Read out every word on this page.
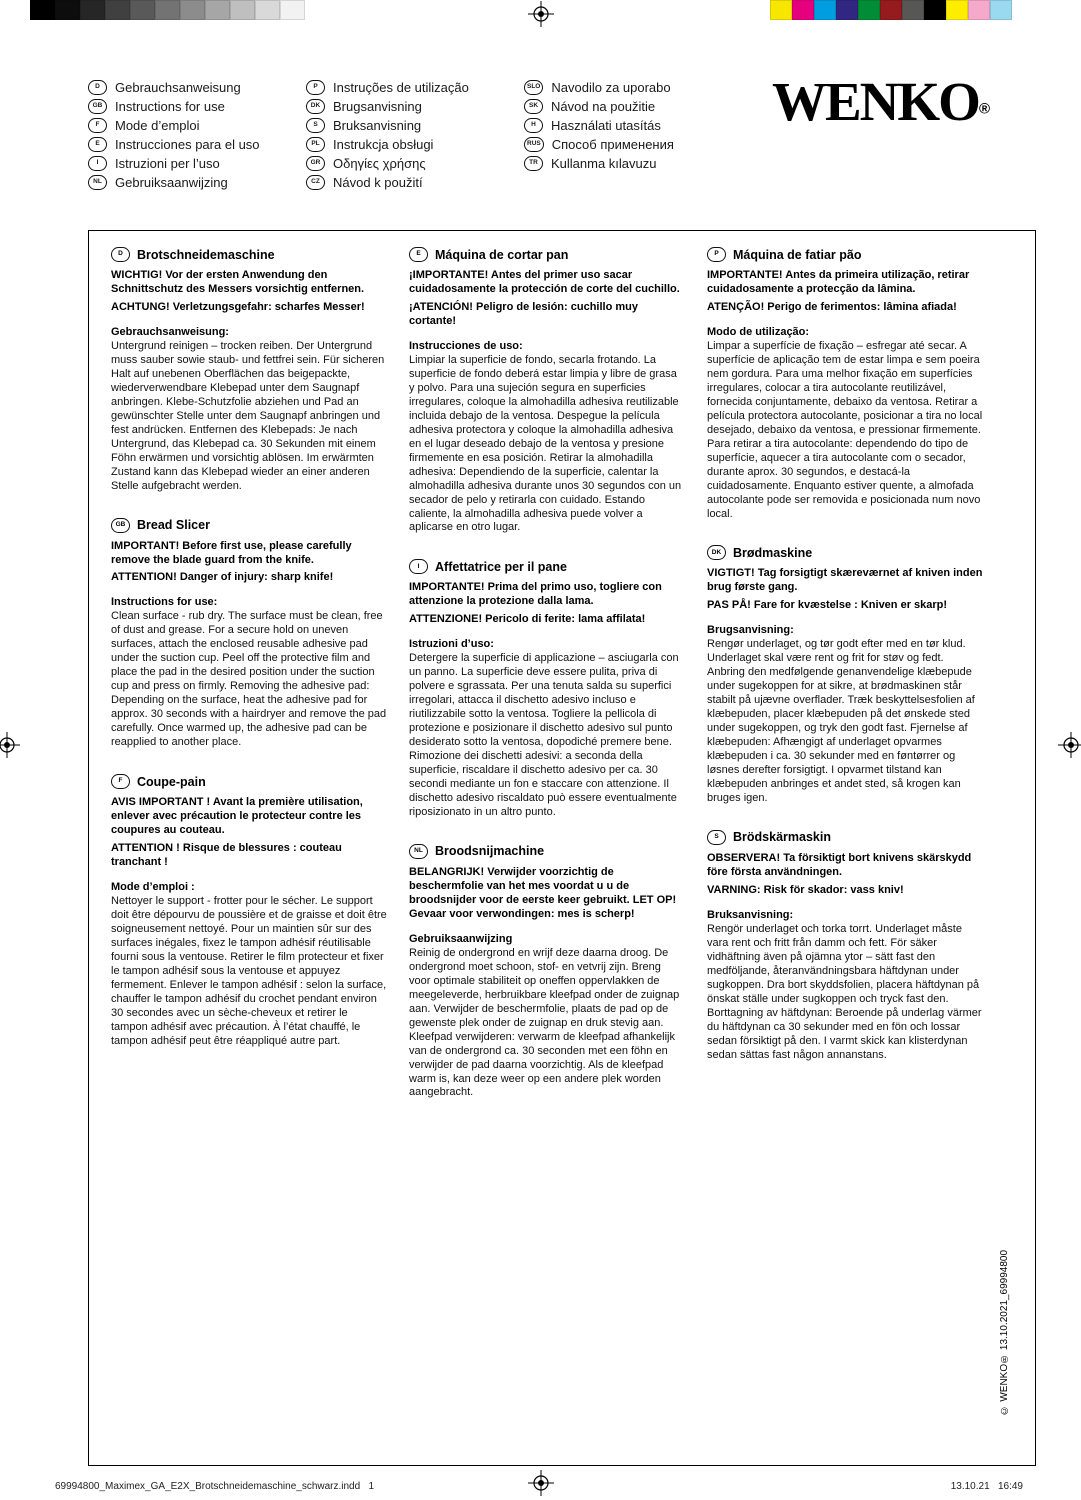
D	Gebrauchsanweisung
GB Instructions for use
F	Mode d’emploi
E	Instrucciones para el uso
I	Istruzioni per l’uso
NL	Gebruiksaanwijzing
P	Instruções de utilização
DK Brugsanvisning
S	Bruksanvisning
PL	Instrukcja obsługi
GR Οδηγίες χρήσης
CZ	Návod k použití
SLO Navodilo za uporabo
SK Návod na použitie
H	Használati utasítás
RUS Способ применения
TR	Kullanma kılavuzu
WENKO®
D	Brotschneidemaschine

WICHTIG! Vor der ersten Anwendung den Schnittschutz des Messers vorsichtig entfernen.

ACHTUNG! Verletzungsgefahr: scharfes Messer!

Gebrauchsanweisung:

Untergrund reinigen – trocken reiben. Der Untergrund muss sauber sowie staub- und fettfrei sein. Für sicheren Halt auf unebenen Oberflächen das beigepackte, wiederverwendbare Klebepad unter dem Saugnapf anbringen. Klebe-Schutzfolie abziehen und Pad an gewünschter Stelle unter dem Saugnapf anbringen und fest andrücken. Entfernen des Klebepads: Je nach Untergrund, das Klebepad ca. 30 Sekunden mit einem Föhn erwärmen und vorsichtig ablösen. Im erwärmten Zustand kann das Klebepad wieder an einer anderen Stelle aufgebracht werden.

GB Bread Slicer

IMPORTANT! Before first use, please carefully remove the blade guard from the knife.

ATTENTION! Danger of injury: sharp knife!

Instructions for use:

Clean surface - rub dry. The surface must be clean, free of dust and grease. For a secure hold on uneven surfaces, attach the enclosed reusable adhesive pad under the suction cup. Peel off the protective film and place the pad in the desired position under the suction cup and press on firmly. Removing the adhesive pad: Depending on the surface, heat the adhesive pad for approx. 30 seconds with a hairdryer and remove the pad carefully. Once warmed up, the adhesive pad can be reapplied to another place.

F	Coupe-pain

AVIS IMPORTANT ! Avant la première utilisation, enlever avec précaution le protecteur contre les coupures au couteau.

ATTENTION ! Risque de blessures : couteau tranchant !

Mode d’emploi :

Nettoyer le support - frotter pour le sécher. Le support doit être dépourvu de poussière et de graisse et doit être soigneusement nettoyé. Pour un maintien sûr sur des surfaces inégales, fixez le tampon adhésif réutilisable fourni sous la ventouse. Retirer le film protecteur et fixer le tampon adhésif sous la ventouse et appuyez fermement. Enlever le tampon adhésif : selon la surface, chauffer le tampon adhésif du crochet pendant environ 30 secondes avec un sèche-cheveux et retirer le tampon adhésif avec précaution. À l’état chauffé, le tampon adhésif peut être réappliqué autre part.

E	Máquina de cortar pan

¡IMPORTANTE! Antes del primer uso sacar cuidadosamente la protección de corte del cuchillo.

¡ATENCIÓN! Peligro de lesión: cuchillo muy cortante!

Instrucciones de uso:

Limpiar la superficie de fondo, secarla frotando. La superficie de fondo deberá estar limpia y libre de grasa y polvo. Para una sujeción segura en superficies irregulares, coloque la almohadilla adhesiva reutilizable incluida debajo de la ventosa. Despegue la película adhesiva protectora y coloque la almohadilla adhesiva en el lugar deseado debajo de la ventosa y presione firmemente en esa posición. Retirar la almohadilla adhesiva: Dependiendo de la superficie, calentar la almohadilla adhesiva durante unos 30 segundos con un secador de pelo y retirarla con cuidado. Estando caliente, la almohadilla adhesiva puede volver a aplicarse en otro lugar.

I	Affettatrice per il pane

IMPORTANTE! Prima del primo uso, togliere con attenzione la protezione dalla lama.

ATTENZIONE! Pericolo di ferite: lama affilata!

Istruzioni d’uso:

Detergere la superficie di applicazione – asciugarla con un panno. La superficie deve essere pulita, priva di polvere e sgrassata. Per una tenuta salda su superfici irregolari, attacca il dischetto adesivo incluso e riutilizzabile sotto la ventosa. Togliere la pellicola di protezione e posizionare il dischetto adesivo sul punto desiderato sotto la ventosa, dopodiché premere bene. Rimozione dei dischetti adesivi: a seconda della superficie, riscaldare il dischetto adesivo per ca. 30 secondi mediante un fon e staccare con attenzione. Il dischetto adesivo riscaldato può essere eventualmente riposizionato in un altro punto.

NL Broodsnijmachine

BELANGRIJK! Verwijder voorzichtig de beschermfolie van het mes voordat u u de broodsnijder voor de eerste keer gebruikt. LET OP! Gevaar voor verwondingen: mes is scherp!

Gebruiksaanwijzing

Reinig de ondergrond en wrijf deze daarna droog. De ondergrond moet schoon, stof- en vetvrij zijn. Breng voor optimale stabiliteit op oneffen oppervlakken de meegeleverde, herbruikbare kleefpad onder de zuignap aan. Verwijder de beschermfolie, plaats de pad op de gewenste plek onder de zuignap en druk stevig aan. Kleefpad verwijderen: verwarm de kleefpad afhankelijk van de ondergrond ca. 30 seconden met een föhn en verwijder de pad daarna voorzichtig. Als de kleefpad warm is, kan deze weer op een andere plek worden aangebracht.

P	Máquina de fatiar pão

IMPORTANTE! Antes da primeira utilização, retirar cuidadosamente a protecção da lâmina.

ATENÇÃO! Perigo de ferimentos: lâmina afiada!

Modo de utilização:

Limpar a superfície de fixação – esfregar até secar. A superfície de aplicação tem de estar limpa e sem poeira nem gordura. Para uma melhor fixação em superfícies irregulares, colocar a tira autocolante reutilizável, fornecida conjuntamente, debaixo da ventosa. Retirar a película protectora autocolante, posicionar a tira no local desejado, debaixo da ventosa, e pressionar firmemente. Para retirar a tira autocolante: dependendo do tipo de superfície, aquecer a tira autocolante com o secador, durante aprox. 30 segundos, e destacá-la cuidadosamente. Enquanto estiver quente, a almofada autocolante pode ser removida e posicionada num novo local.

DK Brødmaskine

VIGTIGT! Tag forsigtigt skæreværnet af kniven inden brug første gang.

PAS PÅ! Fare for kvæstelse : Kniven er skarp!

Brugsanvisning:

Rengør underlaget, og tør godt efter med en tør klud. Underlaget skal være rent og frit for støv og fedt. Anbring den medfølgende genanvendelige klæbepude under sugekoppen for at sikre, at brødmaskinen står stabilt på ujævne overflader. Træk beskyttelsesfolien af klæbepuden, placer klæbepuden på det ønskede sted under sugekoppen, og tryk den godt fast. Fjernelse af klæbepuden: Afhængigt af underlaget opvarmes klæbepuden i ca. 30 sekunder med en føntørrer og løsnes derefter forsigtigt. I opvarmet tilstand kan klæbepuden anbringes et andet sted, så krogen kan bruges igen.

S	Brödskärmaskin

OBSERVERA! Ta försiktigt bort knivens skärskydd före första användningen.

VARNING: Risk för skador: vass kniv!

Bruksanvisning:

Rengör underlaget och torka torrt. Underlaget måste vara rent och fritt från damm och fett. För säker vidhäftning även på ojämna ytor – sätt fast den medföljande, återanvändningsbara häftdynan under sugkoppen. Dra bort skyddsfolien, placera häftdynan på önskat ställe under sugkoppen och tryck fast den. Borttagning av häftdynan: Beroende på underlag värmer du häftdynan ca 30 sekunder med en fön och lossar sedan försiktigt på den. I varmt skick kan klisterdynan sedan sättas fast någon annanstans.

© WENKO® 13.10.2021_69994800
69994800_Maximex_GA_E2X_Brotschneidemaschine_schwarz.indd   1	13.10.21   16:49
